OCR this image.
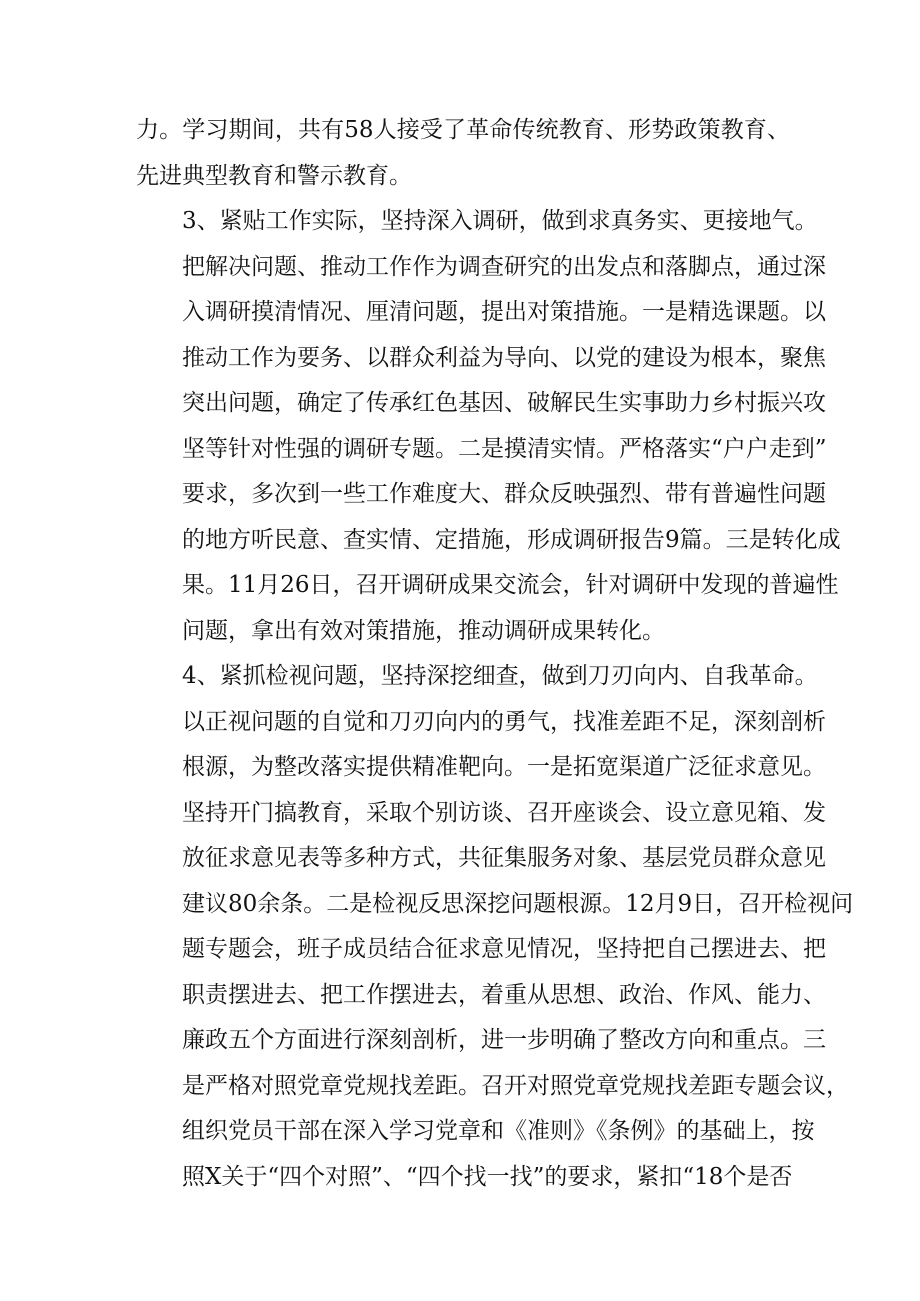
力。学习期间，共有58人接受了革命传统教育、形势政策教育、
先进典型教育和警示教育。

3、紧贴工作实际，坚持深入调研，做到求真务实、更接地气。
把解决问题、推动工作作为调查研究的出发点和落脚点，通过深
入调研摸清情况、厘清问题，提出对策措施。一是精选课题。以
推动工作为要务、以群众利益为导向、以党的建设为根本，聚焦
突出问题，确定了传承红色基因、破解民生实事助力乡村振兴攻
坚等针对性强的调研专题。二是摸清实情。严格落实“户户走到”
要求，多次到一些工作难度大、群众反映强烈、带有普遍性问题
的地方听民意、查实情、定措施，形成调研报告9篇。三是转化成
果。11月26日，召开调研成果交流会，针对调研中发现的普遍性
问题，拿出有效对策措施，推动调研成果转化。

4、紧抓检视问题，坚持深挖细查，做到刀刃向内、自我革命。
以正视问题的自觉和刀刃向内的勇气，找准差距不足，深刻剖析
根源，为整改落实提供精准靶向。一是拓宽渠道广泛征求意见。
坚持开门搞教育，采取个别访谈、召开座谈会、设立意见箱、发
放征求意见表等多种方式，共征集服务对象、基层党员群众意见
建议80余条。二是检视反思深挖问题根源。12月9日，召开检视问
题专题会，班子成员结合征求意见情况，坚持把自己摆进去、把
职责摆进去、把工作摆进去，着重从思想、政治、作风、能力、
廉政五个方面进行深刻剖析，进一步明确了整改方向和重点。三
是严格对照党章党规找差距。召开对照党章党规找差距专题会议，
组织党员干部在深入学习党章和《准则》《条例》的基础上，按
照X关于“四个对照”、“四个找一找”的要求，紧扣“18个是否
